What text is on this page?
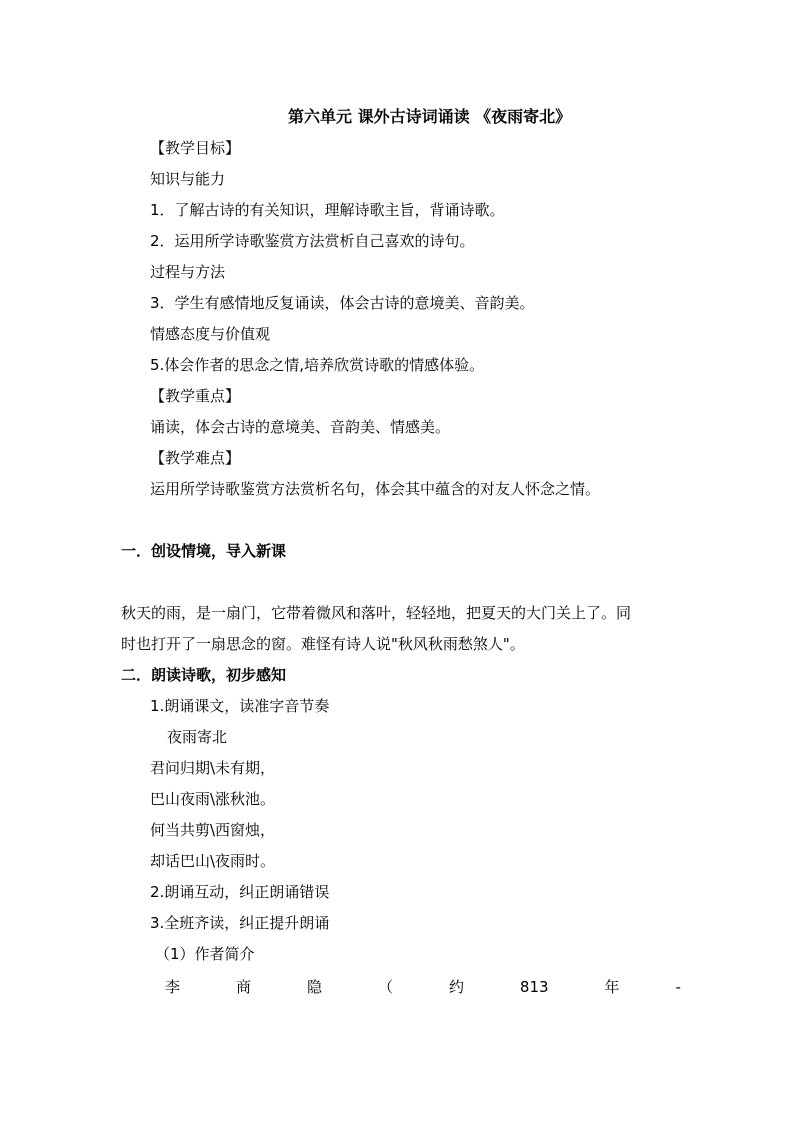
第六单元 课外古诗词诵读 《夜雨寄北》
【教学目标】
知识与能力
1．了解古诗的有关知识，理解诗歌主旨，背诵诗歌。
2．运用所学诗歌鉴赏方法赏析自己喜欢的诗句。
过程与方法
3．学生有感情地反复诵读，体会古诗的意境美、音韵美。
情感态度与价值观
5.体会作者的思念之情,培养欣赏诗歌的情感体验。
【教学重点】
诵读，体会古诗的意境美、音韵美、情感美。
【教学难点】
运用所学诗歌鉴赏方法赏析名句，体会其中蕴含的对友人怀念之情。
一．创设情境，导入新课
秋天的雨，是一扇门，它带着微风和落叶，轻轻地，把夏天的大门关上了。同
时也打开了一扇思念的窗。难怪有诗人说"秋风秋雨愁煞人"。
二．朗读诗歌，初步感知
1.朗诵课文，读准字音节奏
夜雨寄北
君问归期\未有期，
巴山夜雨\涨秋池。
何当共剪\西窗烛，
却话巴山\夜雨时。
2.朗诵互动，纠正朗诵错误
3.全班齐读，纠正提升朗诵
（1）作者简介
李	商	隐	（	约	813	年	-
